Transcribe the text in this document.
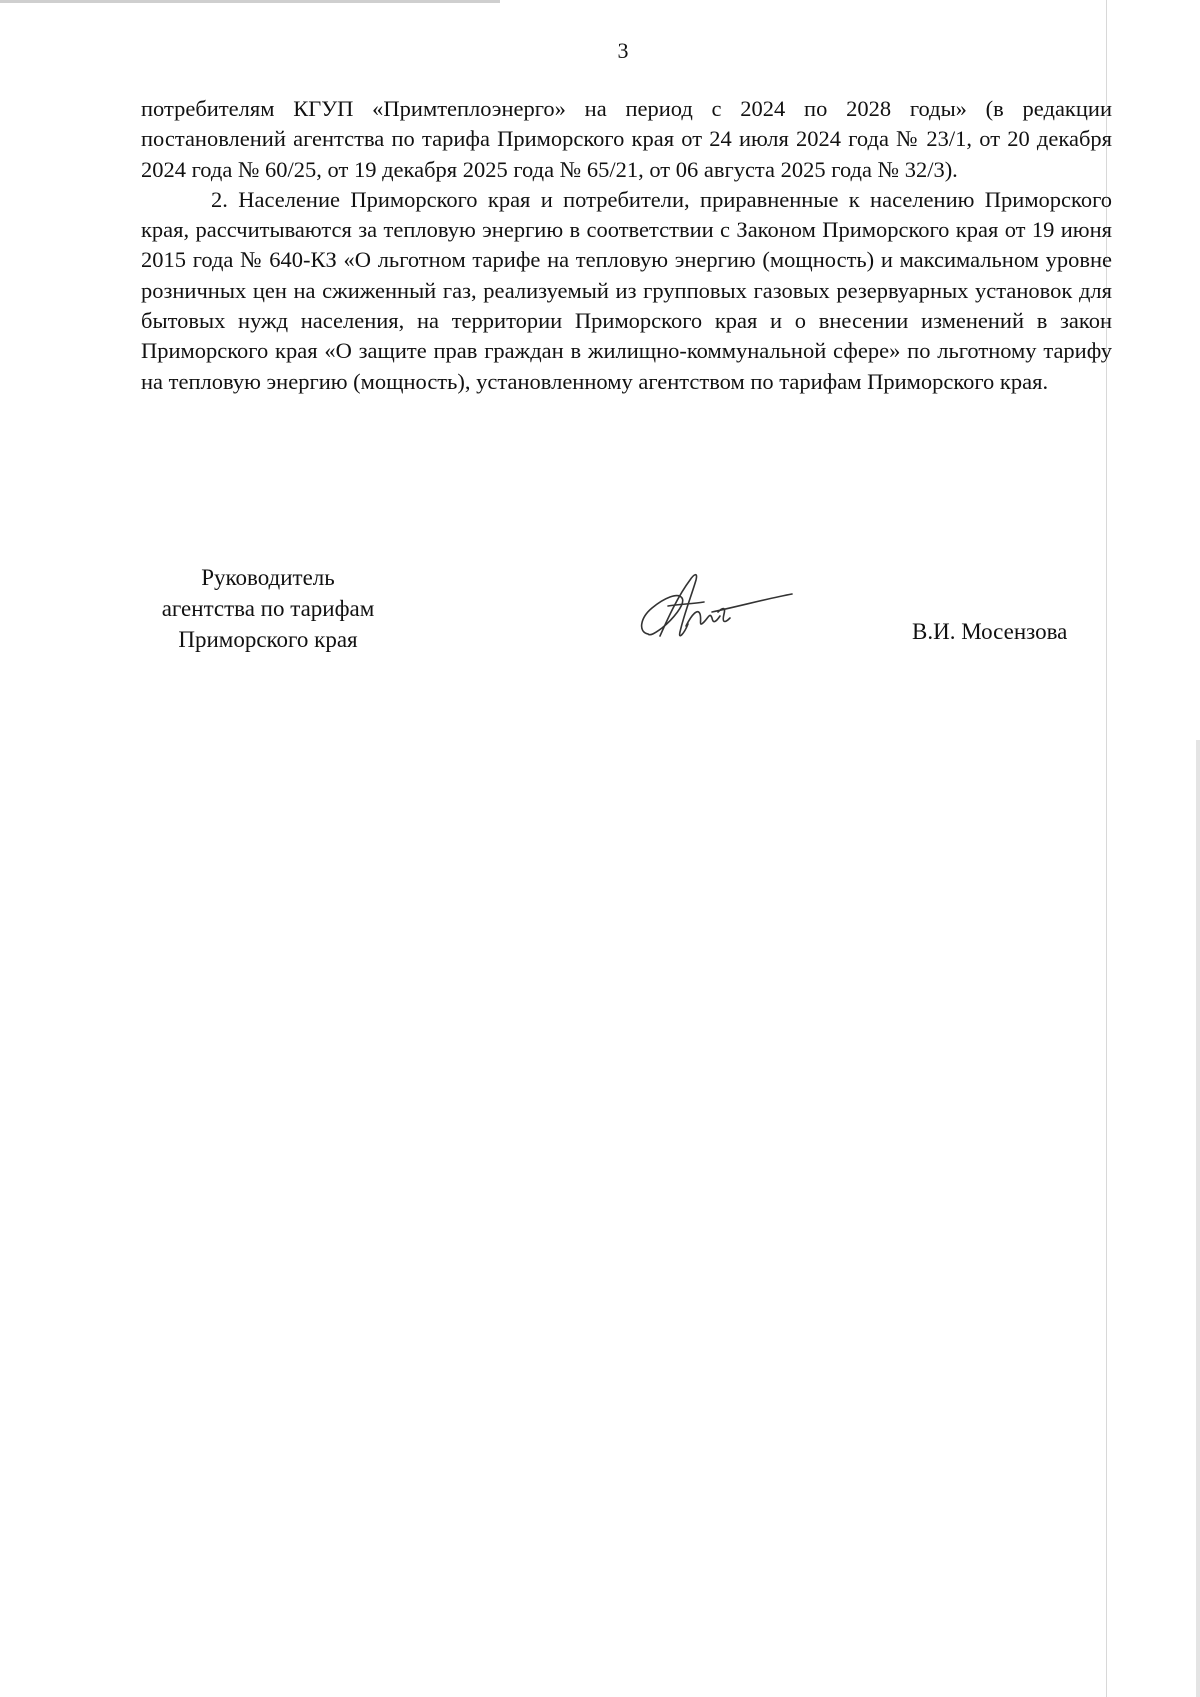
3

потребителям КГУП «Примтеплоэнерго» на период с 2024 по 2028 годы» (в редакции постановлений агентства по тарифа Приморского края от 24 июля 2024 года № 23/1, от 20 декабря 2024 года № 60/25, от 19 декабря 2025 года № 65/21, от 06 августа 2025 года № 32/3).

2. Население Приморского края и потребители, приравненные к населению Приморского края, рассчитываются за тепловую энергию в соответствии с Законом Приморского края от 19 июня 2015 года № 640-КЗ «О льготном тарифе на тепловую энергию (мощность) и максимальном уровне розничных цен на сжиженный газ, реализуемый из групповых газовых резервуарных установок для бытовых нужд населения, на территории Приморского края и о внесении изменений в закон Приморского края «О защите прав граждан в жилищно-коммунальной сфере» по льготному тарифу на тепловую энергию (мощность), установленному агентством по тарифам Приморского края.

Руководитель
агентства по тарифам
Приморского края	В.И. Мосензова
